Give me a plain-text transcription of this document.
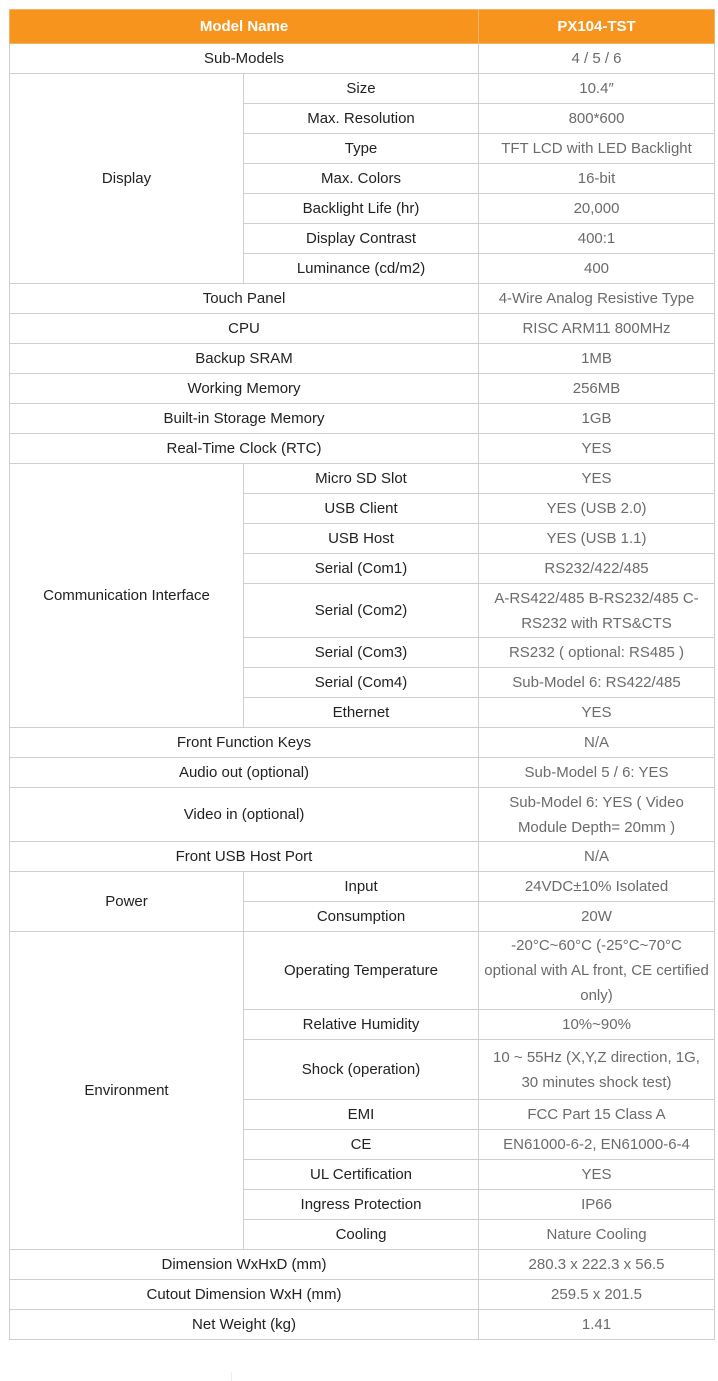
Model Name		PX104-TST
Sub-Models		4 / 5 / 6
Display	Size	10.4″
	Max. Resolution	800*600
	Type	TFT LCD with LED Backlight
	Max. Colors	16-bit
	Backlight Life (hr)	20,000
	Display Contrast	400:1
	Luminance (cd/m2)	400
Touch Panel		4-Wire Analog Resistive Type
CPU		RISC ARM11 800MHz
Backup SRAM		1MB
Working Memory		256MB
Built-in Storage Memory		1GB
Real-Time Clock (RTC)		YES
Communication Interface	Micro SD Slot	YES
	USB Client	YES (USB 2.0)
	USB Host	YES (USB 1.1)
	Serial (Com1)	RS232/422/485
	Serial (Com2)	A-RS422/485 B-RS232/485 C-RS232 with RTS&CTS
	Serial (Com3)	RS232 ( optional: RS485 )
	Serial (Com4)	Sub-Model 6: RS422/485
	Ethernet	YES
Front Function Keys		N/A
Audio out (optional)		Sub-Model 5 / 6: YES
Video in (optional)		Sub-Model 6: YES ( Video Module Depth= 20mm )
Front USB Host Port		N/A
Power	Input	24VDC±10% Isolated
	Consumption	20W
Environment	Operating Temperature	-20°C~60°C (-25°C~70°C optional with AL front, CE certified only)
	Relative Humidity	10%~90%
	Shock (operation)	10 ~ 55Hz (X,Y,Z direction, 1G, 30 minutes shock test)
	EMI	FCC Part 15 Class A
	CE	EN61000-6-2, EN61000-6-4
	UL Certification	YES
	Ingress Protection	IP66
	Cooling	Nature Cooling
Dimension WxHxD (mm)		280.3 x 222.3 x 56.5
Cutout Dimension WxH (mm)		259.5 x 201.5
Net Weight (kg)		1.41
